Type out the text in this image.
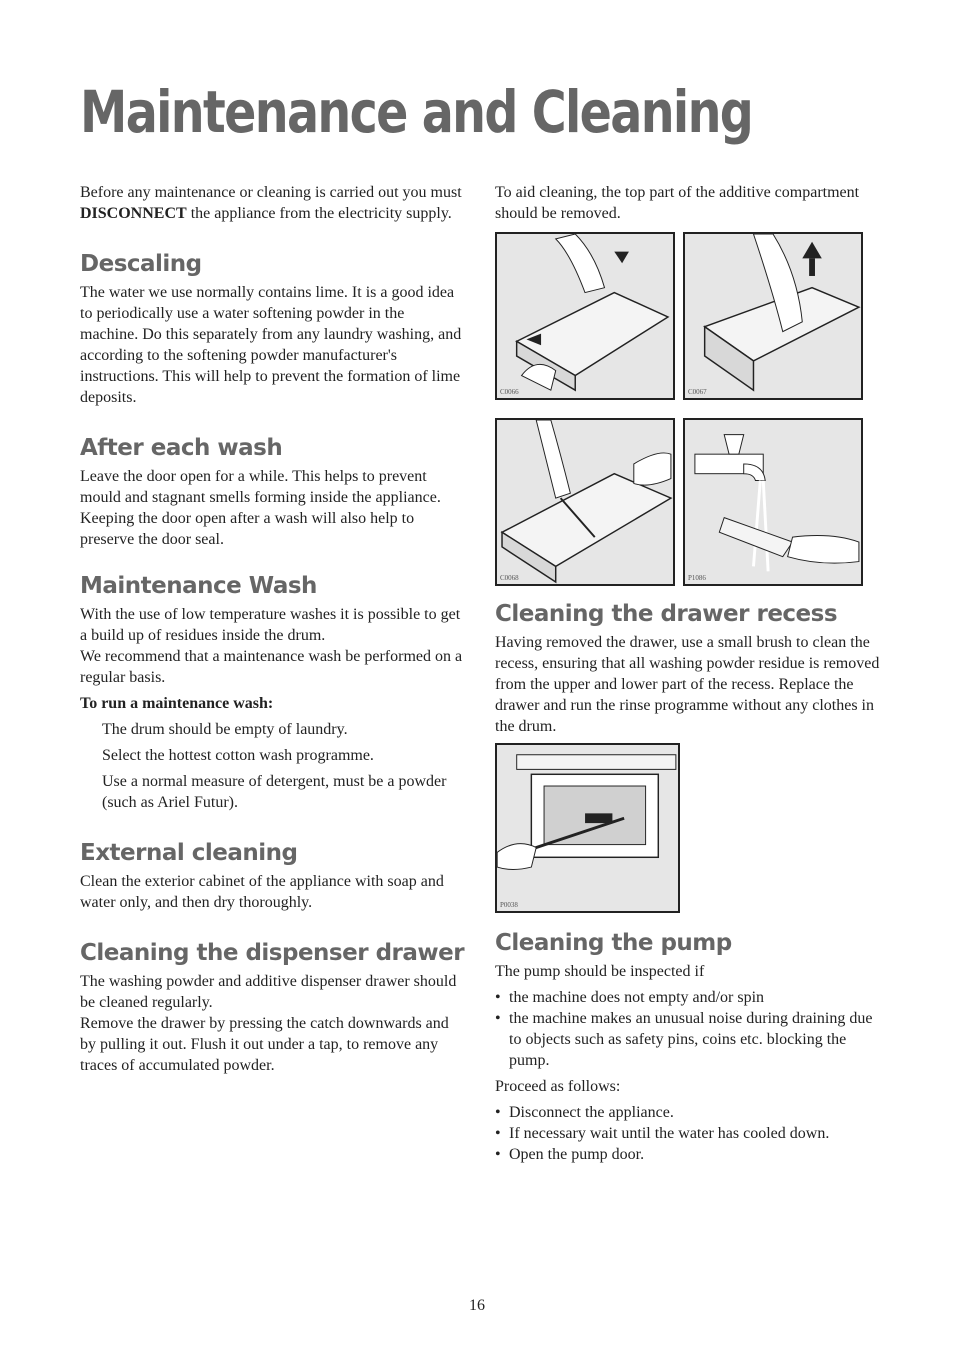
Maintenance and Cleaning

Before any maintenance or cleaning is carried out you must DISCONNECT the appliance from the electricity supply.

Descaling

The water we use normally contains lime. It is a good idea to periodically use a water softening powder in the machine. Do this separately from any laundry washing, and according to the softening powder manufacturer's instructions. This will help to prevent the formation of lime deposits.

After each wash

Leave the door open for a while. This helps to prevent mould and stagnant smells forming inside the appliance. Keeping the door open after a wash will also help to preserve the door seal.

Maintenance Wash

With the use of low temperature washes it is possible to get a build up of residues inside the drum.

We recommend that a maintenance wash be performed on a regular basis.

To run a maintenance wash:

The drum should be empty of laundry.

Select the hottest cotton wash programme.

Use a normal measure of detergent, must be a powder (such as Ariel Futur).

External cleaning

Clean the exterior cabinet of the appliance with soap and water only, and then dry thoroughly.

Cleaning the dispenser drawer

The washing powder and additive dispenser drawer should be cleaned regularly.

Remove the drawer by pressing the catch downwards and by pulling it out. Flush it out under a tap, to remove any traces of accumulated powder.

To aid cleaning, the top part of the additive compartment should be removed.

C0066	C0067
C0068	P1086
Cleaning the drawer recess

Having removed the drawer, use a small brush to clean the recess, ensuring that all washing powder residue is removed from the upper and lower part of the recess. Replace the drawer and run the rinse programme without any clothes in the drum.

P0038
Cleaning the pump

The pump should be inspected if

• the machine does not empty and/or spin
• the machine makes an unusual noise during draining due to objects such as safety pins, coins etc. blocking the pump.

Proceed as follows:

• Disconnect the appliance.
• If necessary wait until the water has cooled down.
• Open the pump door.
16
